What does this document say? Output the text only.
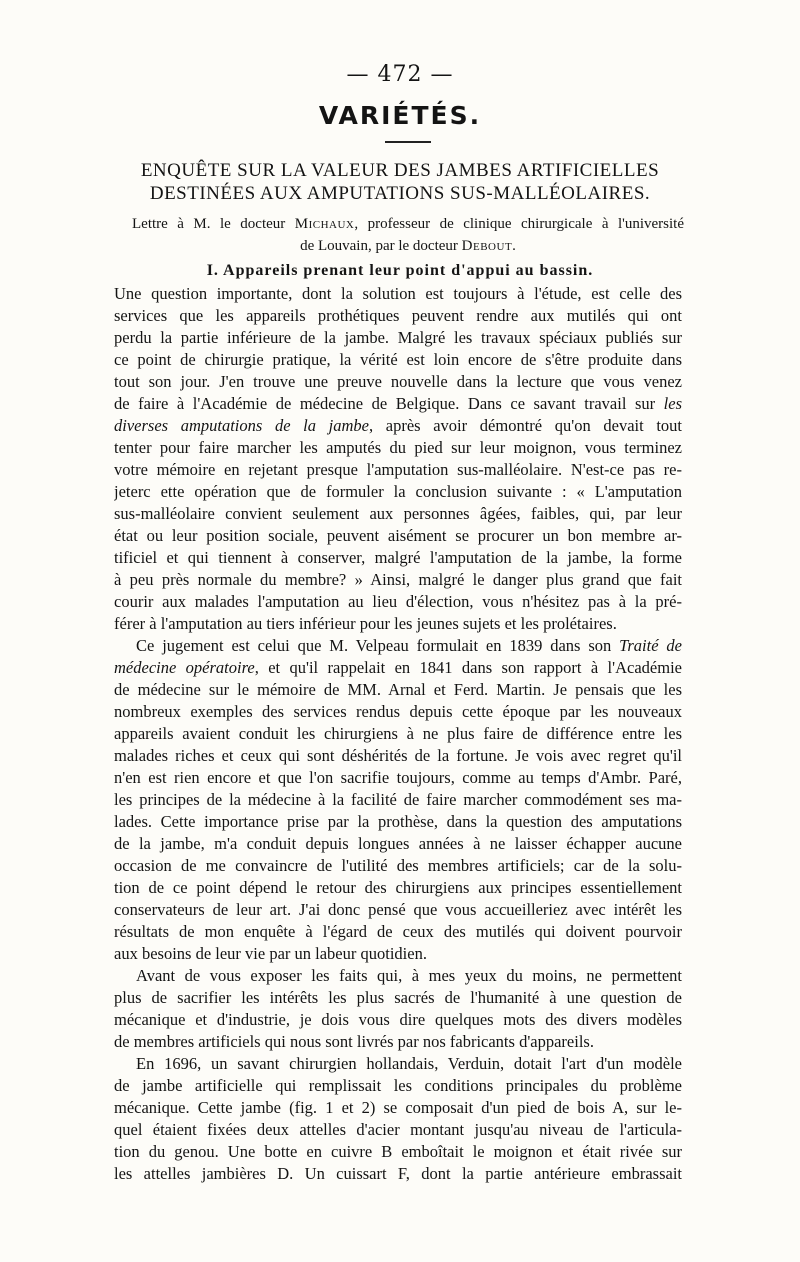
— 472 —
VARIÉTÉS.
ENQUÊTE SUR LA VALEUR DES JAMBES ARTIFICIELLES
DESTINÉES AUX AMPUTATIONS SUS-MALLÉOLAIRES.
Lettre à M. le docteur Michaux, professeur de clinique chirurgicale à l'université
de Louvain, par le docteur Debout.
I. Appareils prenant leur point d'appui au bassin.
Une question importante, dont la solution est toujours à l'étude, est celle des
services que les appareils prothétiques peuvent rendre aux mutilés qui ont
perdu la partie inférieure de la jambe. Malgré les travaux spéciaux publiés sur
ce point de chirurgie pratique, la vérité est loin encore de s'être produite dans
tout son jour. J'en trouve une preuve nouvelle dans la lecture que vous venez
de faire à l'Académie de médecine de Belgique. Dans ce savant travail sur les
diverses amputations de la jambe, après avoir démontré qu'on devait tout
tenter pour faire marcher les amputés du pied sur leur moignon, vous terminez
votre mémoire en rejetant presque l'amputation sus-malléolaire. N'est-ce pas re-
jeterc ette opération que de formuler la conclusion suivante : « L'amputation
sus-malléolaire convient seulement aux personnes âgées, faibles, qui, par leur
état ou leur position sociale, peuvent aisément se procurer un bon membre ar-
tificiel et qui tiennent à conserver, malgré l'amputation de la jambe, la forme
à peu près normale du membre? » Ainsi, malgré le danger plus grand que fait
courir aux malades l'amputation au lieu d'élection, vous n'hésitez pas à la pré-
férer à l'amputation au tiers inférieur pour les jeunes sujets et les prolétaires.
Ce jugement est celui que M. Velpeau formulait en 1839 dans son Traité de
médecine opératoire, et qu'il rappelait en 1841 dans son rapport à l'Académie
de médecine sur le mémoire de MM. Arnal et Ferd. Martin. Je pensais que les
nombreux exemples des services rendus depuis cette époque par les nouveaux
appareils avaient conduit les chirurgiens à ne plus faire de différence entre les
malades riches et ceux qui sont déshérités de la fortune. Je vois avec regret qu'il
n'en est rien encore et que l'on sacrifie toujours, comme au temps d'Ambr. Paré,
les principes de la médecine à la facilité de faire marcher commodément ses ma-
lades. Cette importance prise par la prothèse, dans la question des amputations
de la jambe, m'a conduit depuis longues années à ne laisser échapper aucune
occasion de me convaincre de l'utilité des membres artificiels; car de la solu-
tion de ce point dépend le retour des chirurgiens aux principes essentiellement
conservateurs de leur art. J'ai donc pensé que vous accueilleriez avec intérêt les
résultats de mon enquête à l'égard de ceux des mutilés qui doivent pourvoir
aux besoins de leur vie par un labeur quotidien.
Avant de vous exposer les faits qui, à mes yeux du moins, ne permettent
plus de sacrifier les intérêts les plus sacrés de l'humanité à une question de
mécanique et d'industrie, je dois vous dire quelques mots des divers modèles
de membres artificiels qui nous sont livrés par nos fabricants d'appareils.
En 1696, un savant chirurgien hollandais, Verduin, dotait l'art d'un modèle
de jambe artificielle qui remplissait les conditions principales du problème
mécanique. Cette jambe (fig. 1 et 2) se composait d'un pied de bois A, sur le-
quel étaient fixées deux attelles d'acier montant jusqu'au niveau de l'articula-
tion du genou. Une botte en cuivre B emboîtait le moignon et était rivée sur
les attelles jambières D. Un cuissart F, dont la partie antérieure embrassait
